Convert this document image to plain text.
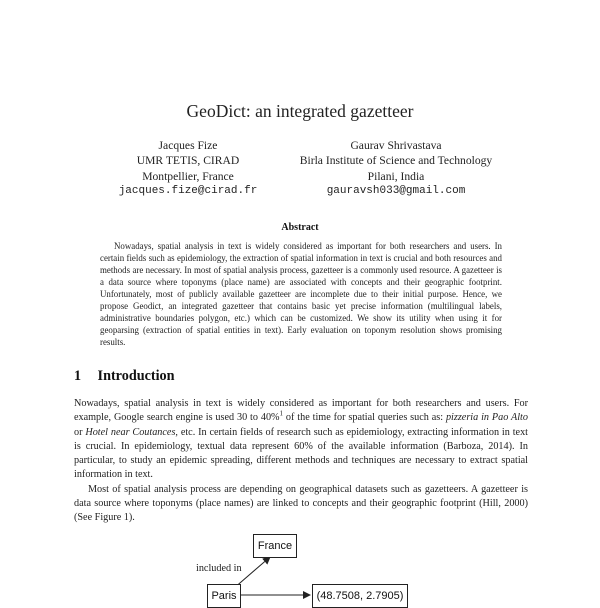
GeoDict: an integrated gazetteer
Jacques Fize
UMR TETIS, CIRAD
Montpellier, France
jacques.fize@cirad.fr
Gaurav Shrivastava
Birla Institute of Science and Technology
Pilani, India
gauravsh033@gmail.com
Abstract

Nowadays, spatial analysis in text is widely considered as important for both researchers and users. In certain fields such as epidemiology, the extraction of spatial information in text is crucial and both resources and methods are necessary. In most of spatial analysis process, gazetteer is a commonly used resource. A gazetteer is a data source where toponyms (place name) are associated with concepts and their geographic footprint. Unfortunately, most of publicly available gazetteer are incomplete due to their initial purpose. Hence, we propose Geodict, an integrated gazetteer that contains basic yet precise information (multilingual labels, administrative boundaries polygon, etc.) which can be customized. We show its utility when using it for geoparsing (extraction of spatial entities in text). Early evaluation on toponym resolution shows promising results.

1 Introduction

Nowadays, spatial analysis in text is widely considered as important for both researchers and users. For example, Google search engine is used 30 to 40%$^1$ of the time for spatial queries such as: pizzeria in Pao Alto or Hotel near Coutances, etc. In certain fields of research such as epidemiology, extracting information in text is crucial. In epidemiology, textual data represent 60% of the available information (Barboza, 2014). In particular, to study an epidemic spreading, different methods and techniques are necessary to extract spatial information in text.

Most of spatial analysis process are depending on geographical datasets such as gazetteers. A gazetteer is data source where toponyms (place names) are linked to concepts and their geographic footprint (Hill, 2000) (See Figure 1).

France
included in
Paris	(48.7508, 2.7905)
